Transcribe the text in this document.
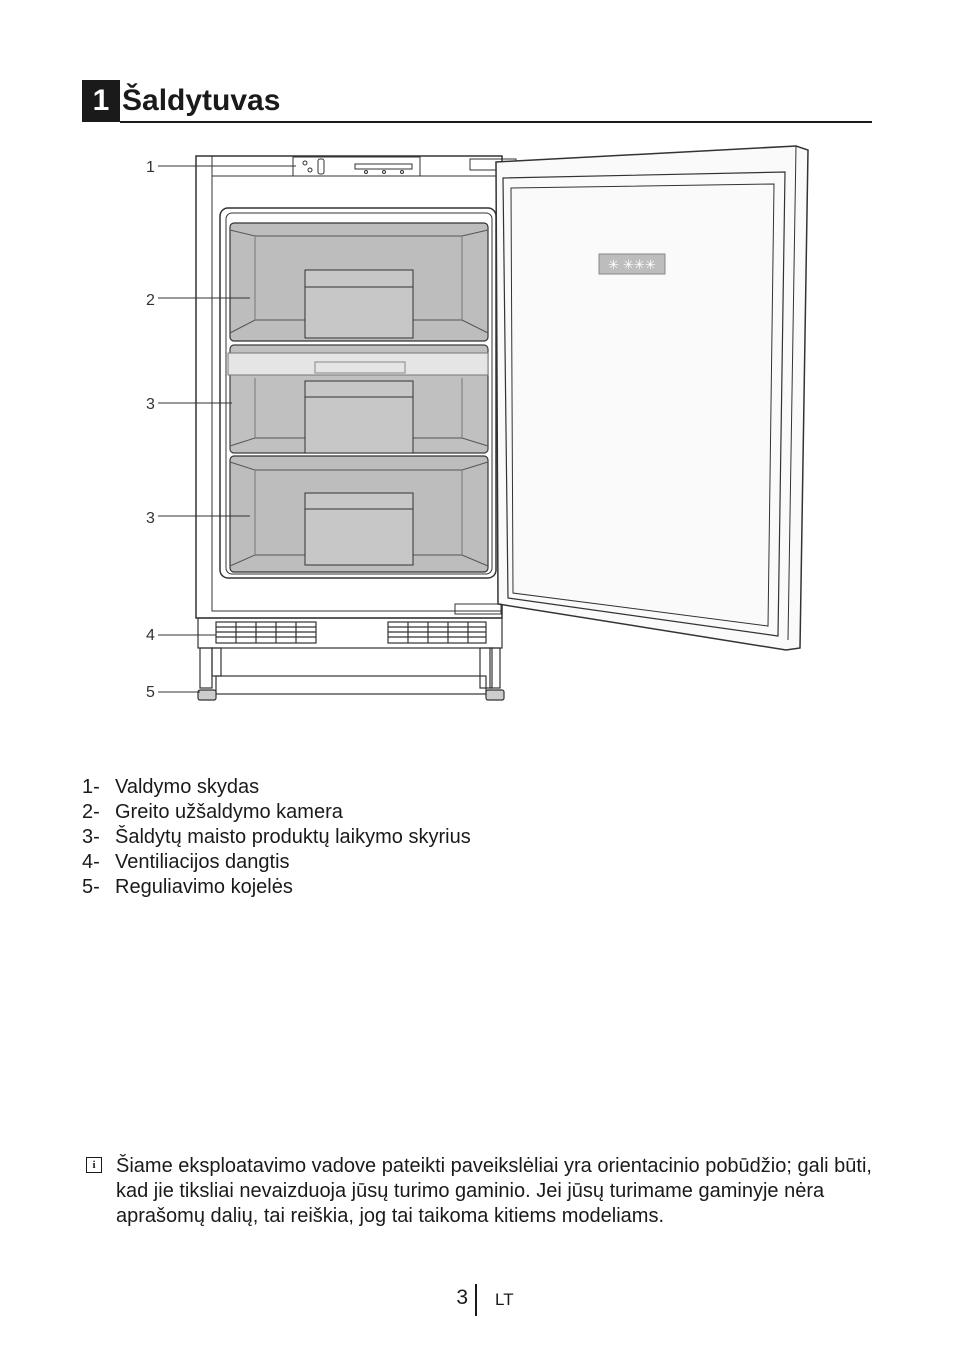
1 Šaldytuvas
✳ ✳✳✳
1
2
3
3
4
5
1- Valdymo skydas
2- Greito užšaldymo kamera
3- Šaldytų maisto produktų laikymo skyrius
4- Ventiliacijos dangtis
5- Reguliavimo kojelės
i	Šiame eksploatavimo vadove pateikti paveikslėliai yra orientacinio pobūdžio; gali būti, kad jie tiksliai nevaizduoja jūsų turimo gaminio. Jei jūsų turimame gaminyje nėra aprašomų dalių, tai reiškia, jog tai taikoma kitiems modeliams.
3 LT
